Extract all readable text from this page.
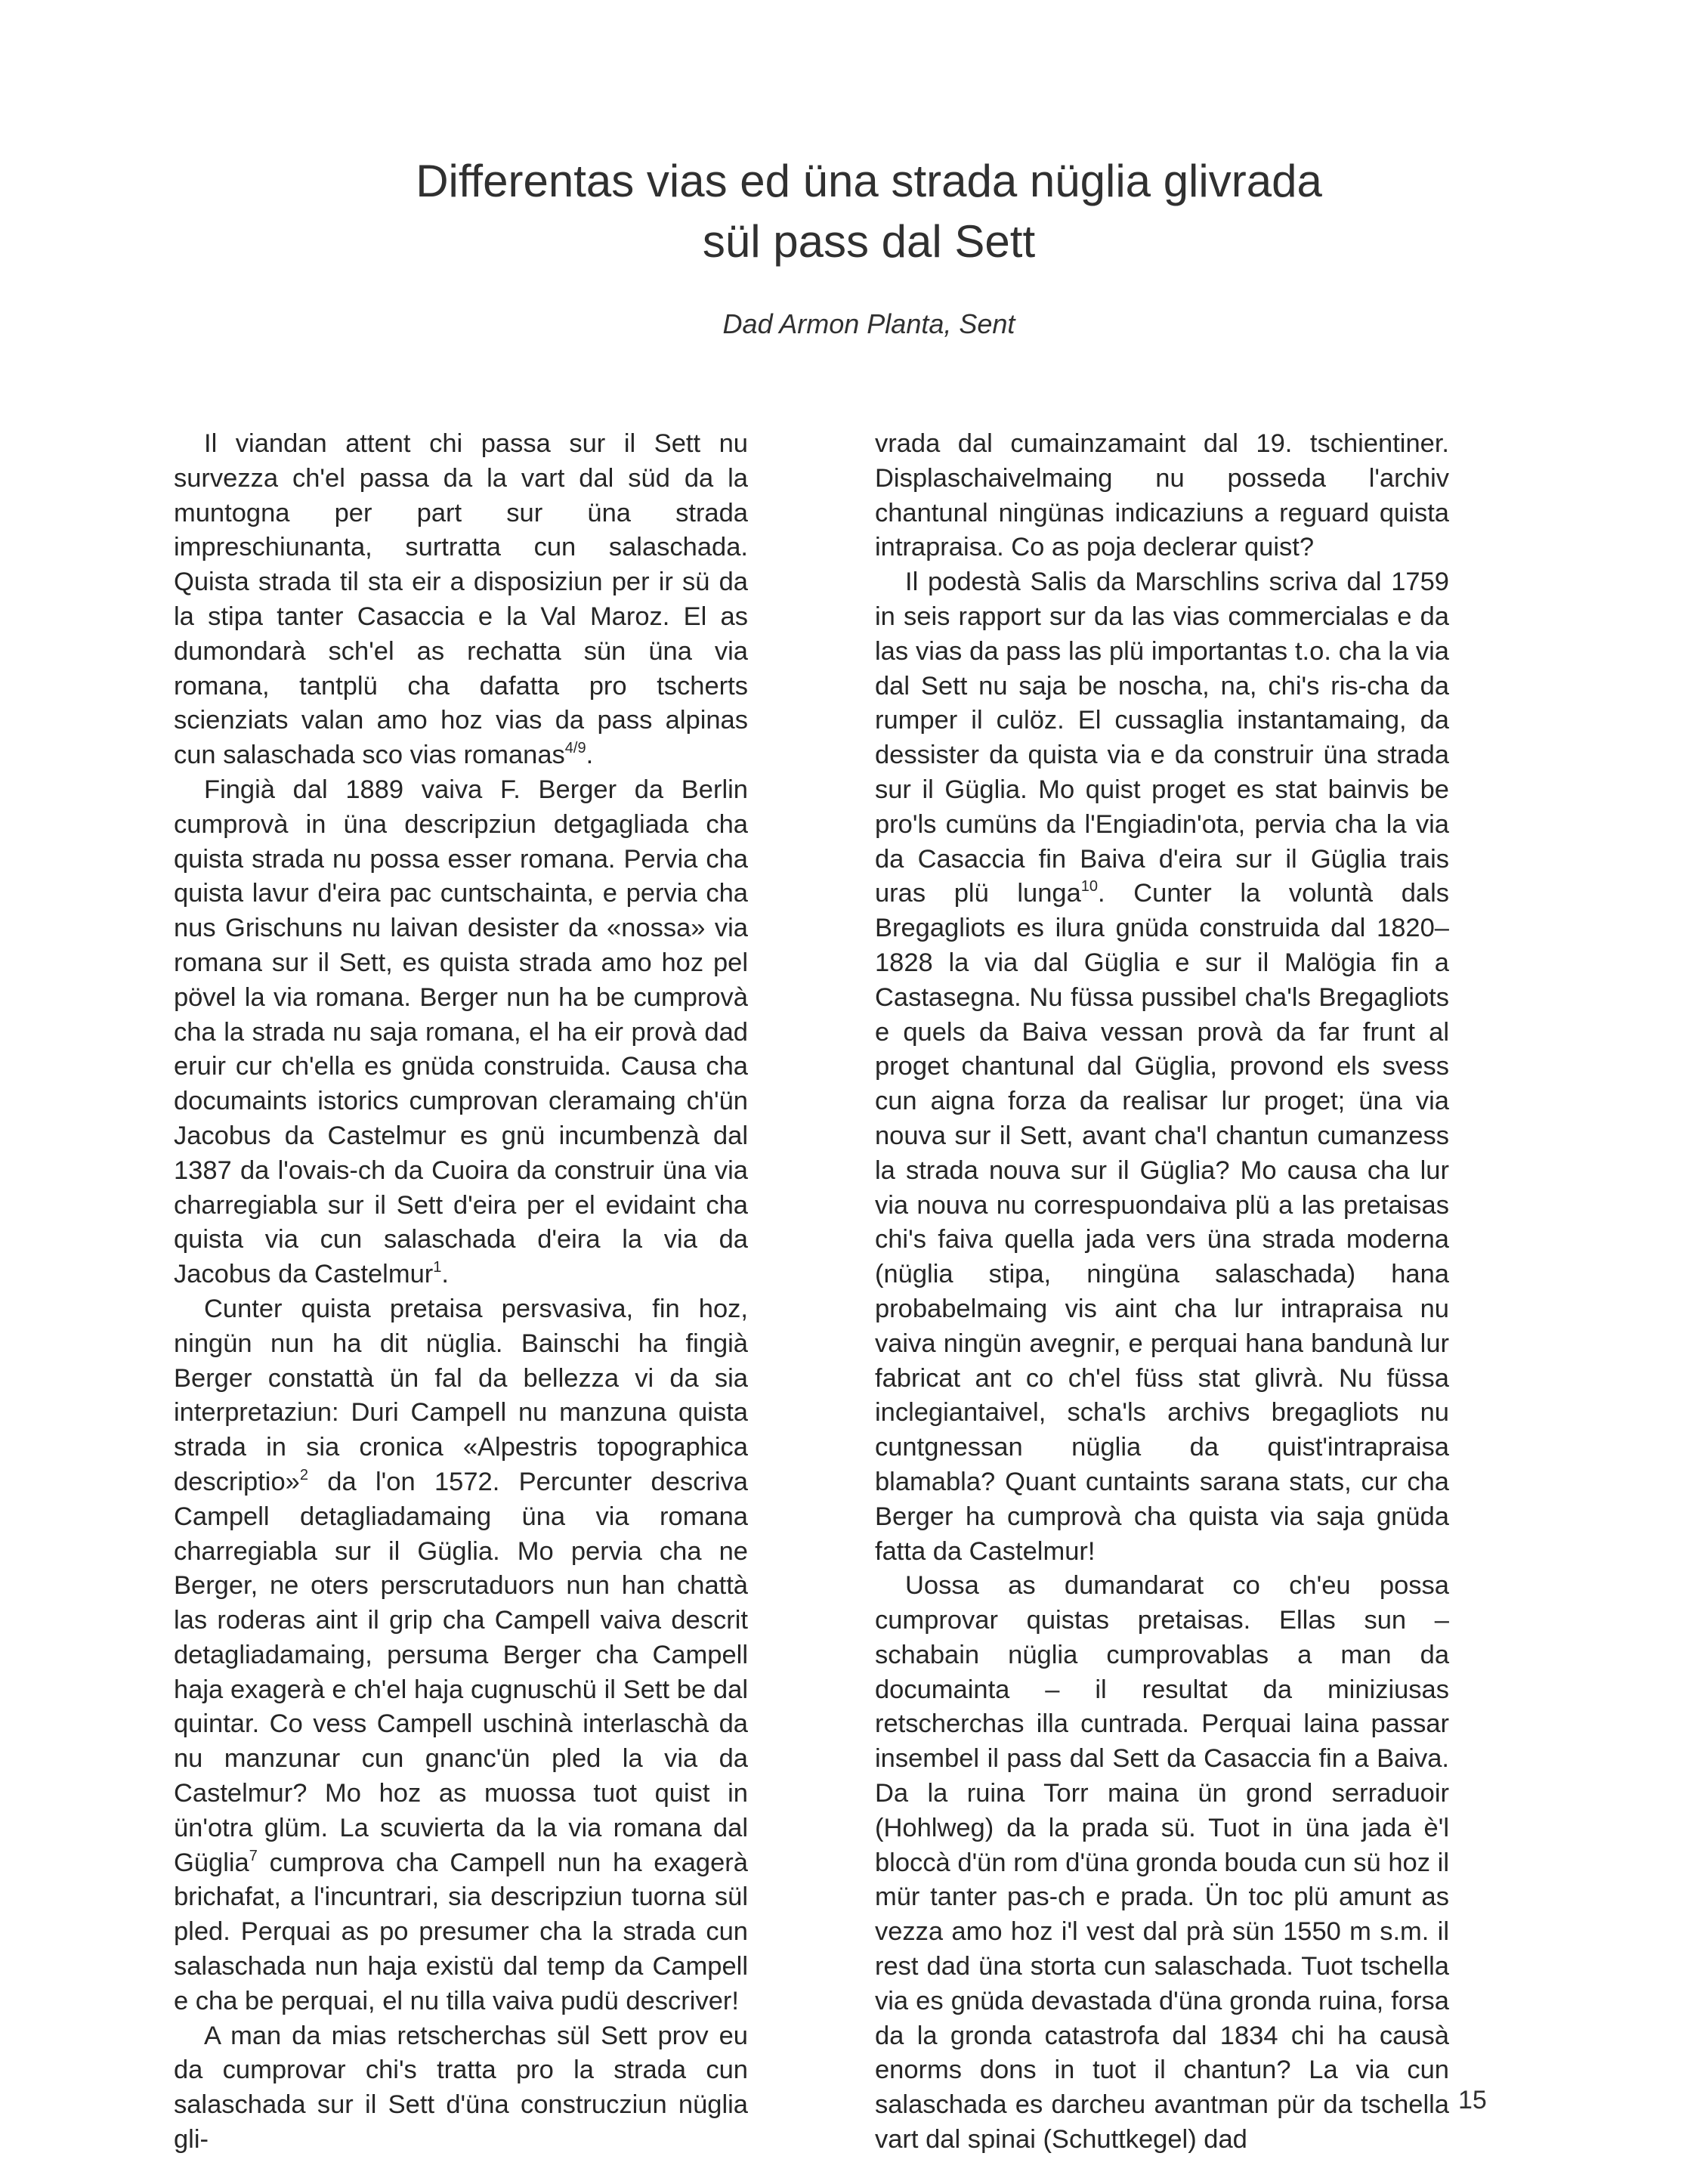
Differentas vias ed üna strada nüglia glivrada
sül pass dal Sett

Dad Armon Planta, Sent

Il viandan attent chi passa sur il Sett nu survezza ch'el passa da la vart dal süd da la muntogna per part sur üna strada impreschiunanta, surtratta cun salaschada. Quista strada til sta eir a disposiziun per ir sü da la stipa tanter Casaccia e la Val Maroz. El as dumondarà sch'el as rechatta sün üna via romana, tantplü cha dafatta pro tscherts scienziats valan amo hoz vias da pass alpinas cun salaschada sco vias romanas$^{4/9}$.

Fingià dal 1889 vaiva F. Berger da Berlin cumprovà in üna descripziun detgagliada cha quista strada nu possa esser romana. Pervia cha quista lavur d'eira pac cuntschainta, e pervia cha nus Grischuns nu laivan desister da «nossa» via romana sur il Sett, es quista strada amo hoz pel pövel la via romana. Berger nun ha be cumprovà cha la strada nu saja romana, el ha eir provà dad eruir cur ch'ella es gnüda construida. Causa cha documaints istorics cumprovan cleramaing ch'ün Jacobus da Castelmur es gnü incumbenzà dal 1387 da l'ovais-ch da Cuoira da construir üna via charregiabla sur il Sett d'eira per el evidaint cha quista via cun salaschada d'eira la via da Jacobus da Castelmur$^1$.

Cunter quista pretaisa persvasiva, fin hoz, ningün nun ha dit nüglia. Bainschi ha fingià Berger constattà ün fal da bellezza vi da sia interpretaziun: Duri Campell nu manzuna quista strada in sia cronica «Alpestris topographica descriptio»$^2$ da l'on 1572. Percunter descriva Campell detagliadamaing üna via romana charregiabla sur il Güglia. Mo pervia cha ne Berger, ne oters perscrutaduors nun han chattà las roderas aint il grip cha Campell vaiva descrit detagliadamaing, persuma Berger cha Campell haja exagerà e ch'el haja cugnuschü il Sett be dal quintar. Co vess Campell uschinà interlaschà da nu manzunar cun gnanc'ün pled la via da Castelmur? Mo hoz as muossa tuot quist in ün'otra glüm. La scuvierta da la via romana dal Güglia$^7$ cumprova cha Campell nun ha exagerà brichafat, a l'incuntrari, sia descripziun tuorna sül pled. Perquai as po presumer cha la strada cun salaschada nun haja existü dal temp da Campell e cha be perquai, el nu tilla vaiva pudü descriver!

A man da mias retscherchas sül Sett prov eu da cumprovar chi's tratta pro la strada cun salaschada sur il Sett d'üna construcziun nüglia gli-

vrada dal cumainzamaint dal 19. tschientiner. Displaschaivelmaing nu posseda l'archiv chantunal ningünas indicaziuns a reguard quista intrapraisa. Co as poja declerar quist?

Il podestà Salis da Marschlins scriva dal 1759 in seis rapport sur da las vias commercialas e da las vias da pass las plü importantas t.o. cha la via dal Sett nu saja be noscha, na, chi's ris-cha da rumper il culöz. El cussaglia instantamaing, da dessister da quista via e da construir üna strada sur il Güglia. Mo quist proget es stat bainvis be pro'ls cumüns da l'Engiadin'ota, pervia cha la via da Casaccia fin Baiva d'eira sur il Güglia trais uras plü lunga$^{10}$. Cunter la voluntà dals Bregagliots es ilura gnüda construida dal 1820–1828 la via dal Güglia e sur il Malögia fin a Castasegna. Nu füssa pussibel cha'ls Bregagliots e quels da Baiva vessan provà da far frunt al proget chantunal dal Güglia, provond els svess cun aigna forza da realisar lur proget; üna via nouva sur il Sett, avant cha'l chantun cumanzess la strada nouva sur il Güglia? Mo causa cha lur via nouva nu correspuondaiva plü a las pretaisas chi's faiva quella jada vers üna strada moderna (nüglia stipa, ningüna salaschada) hana probabelmaing vis aint cha lur intrapraisa nu vaiva ningün avegnir, e perquai hana bandunà lur fabricat ant co ch'el füss stat glivrà. Nu füssa inclegiantaivel, scha'ls archivs bregagliots nu cuntgnessan nüglia da quist'intrapraisa blamabla? Quant cuntaints sarana stats, cur cha Berger ha cumprovà cha quista via saja gnüda fatta da Castelmur!

Uossa as dumandarat co ch'eu possa cumprovar quistas pretaisas. Ellas sun – schabain nüglia cumprovablas a man da documainta – il resultat da miniziusas retscherchas illa cuntrada. Perquai laina passar insembel il pass dal Sett da Casaccia fin a Baiva. Da la ruina Torr maina ün grond serraduoir (Hohlweg) da la prada sü. Tuot in üna jada è'l bloccà d'ün rom d'üna gronda bouda cun sü hoz il mür tanter pas-ch e prada. Ün toc plü amunt as vezza amo hoz i'l vest dal prà sün 1550 m s.m. il rest dad üna storta cun salaschada. Tuot tschella via es gnüda devastada d'üna gronda ruina, forsa da la gronda catastrofa dal 1834 chi ha causà enorms dons in tuot il chantun? La via cun salaschada es darcheu avantman pür da tschella vart dal spinai (Schuttkegel) dad

15
